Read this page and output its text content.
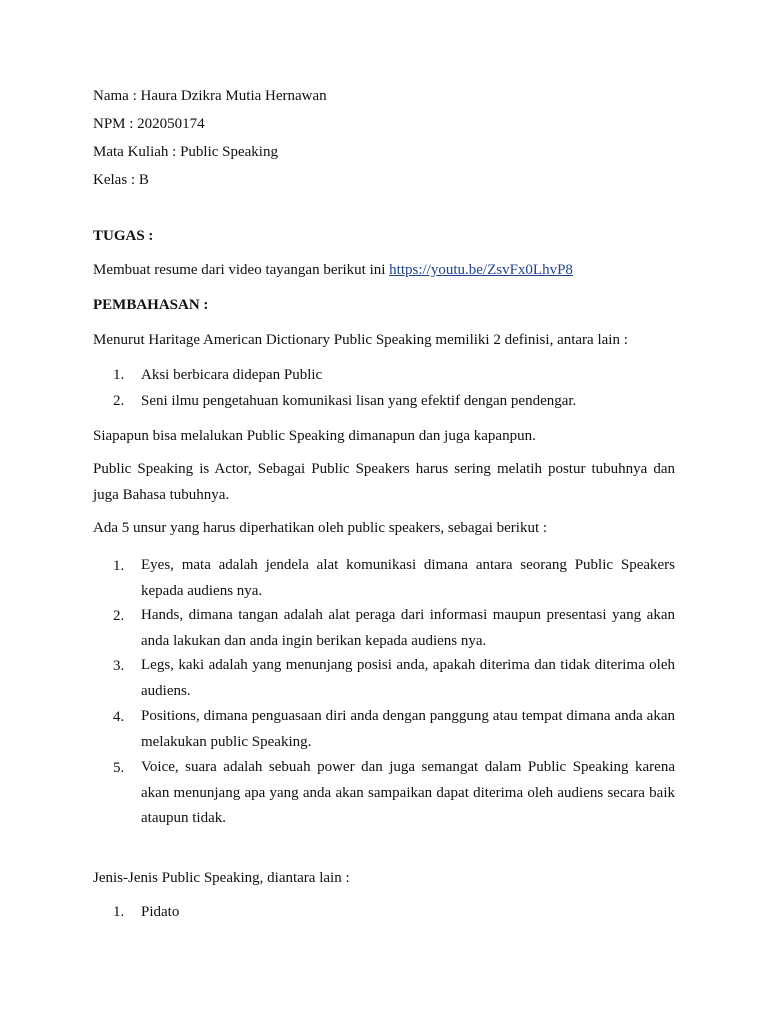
Nama : Haura Dzikra Mutia Hernawan
NPM : 202050174
Mata Kuliah : Public Speaking
Kelas : B
TUGAS :
Membuat resume dari video tayangan berikut ini https://youtu.be/ZsvFx0LhvP8
PEMBAHASAN :
Menurut Haritage American Dictionary Public Speaking memiliki 2 definisi, antara lain :
1. Aksi berbicara didepan Public
2. Seni ilmu pengetahuan komunikasi lisan yang efektif dengan pendengar.
Siapapun bisa melalukan Public Speaking dimanapun dan juga kapanpun.
Public Speaking is Actor, Sebagai Public Speakers harus sering melatih postur tubuhnya dan juga Bahasa tubuhnya.
Ada 5 unsur yang harus diperhatikan oleh public speakers, sebagai berikut :
1. Eyes, mata adalah jendela alat komunikasi dimana antara seorang Public Speakers kepada audiens nya.
2. Hands, dimana tangan adalah alat peraga dari informasi maupun presentasi yang akan anda lakukan dan anda ingin berikan kepada audiens nya.
3. Legs, kaki adalah yang menunjang posisi anda, apakah diterima dan tidak diterima oleh audiens.
4. Positions, dimana penguasaan diri anda dengan panggung atau tempat dimana anda akan melakukan public Speaking.
5. Voice, suara adalah sebuah power dan juga semangat dalam Public Speaking karena akan menunjang apa yang anda akan sampaikan dapat diterima oleh audiens secara baik ataupun tidak.
Jenis-Jenis Public Speaking, diantara lain :
1. Pidato
